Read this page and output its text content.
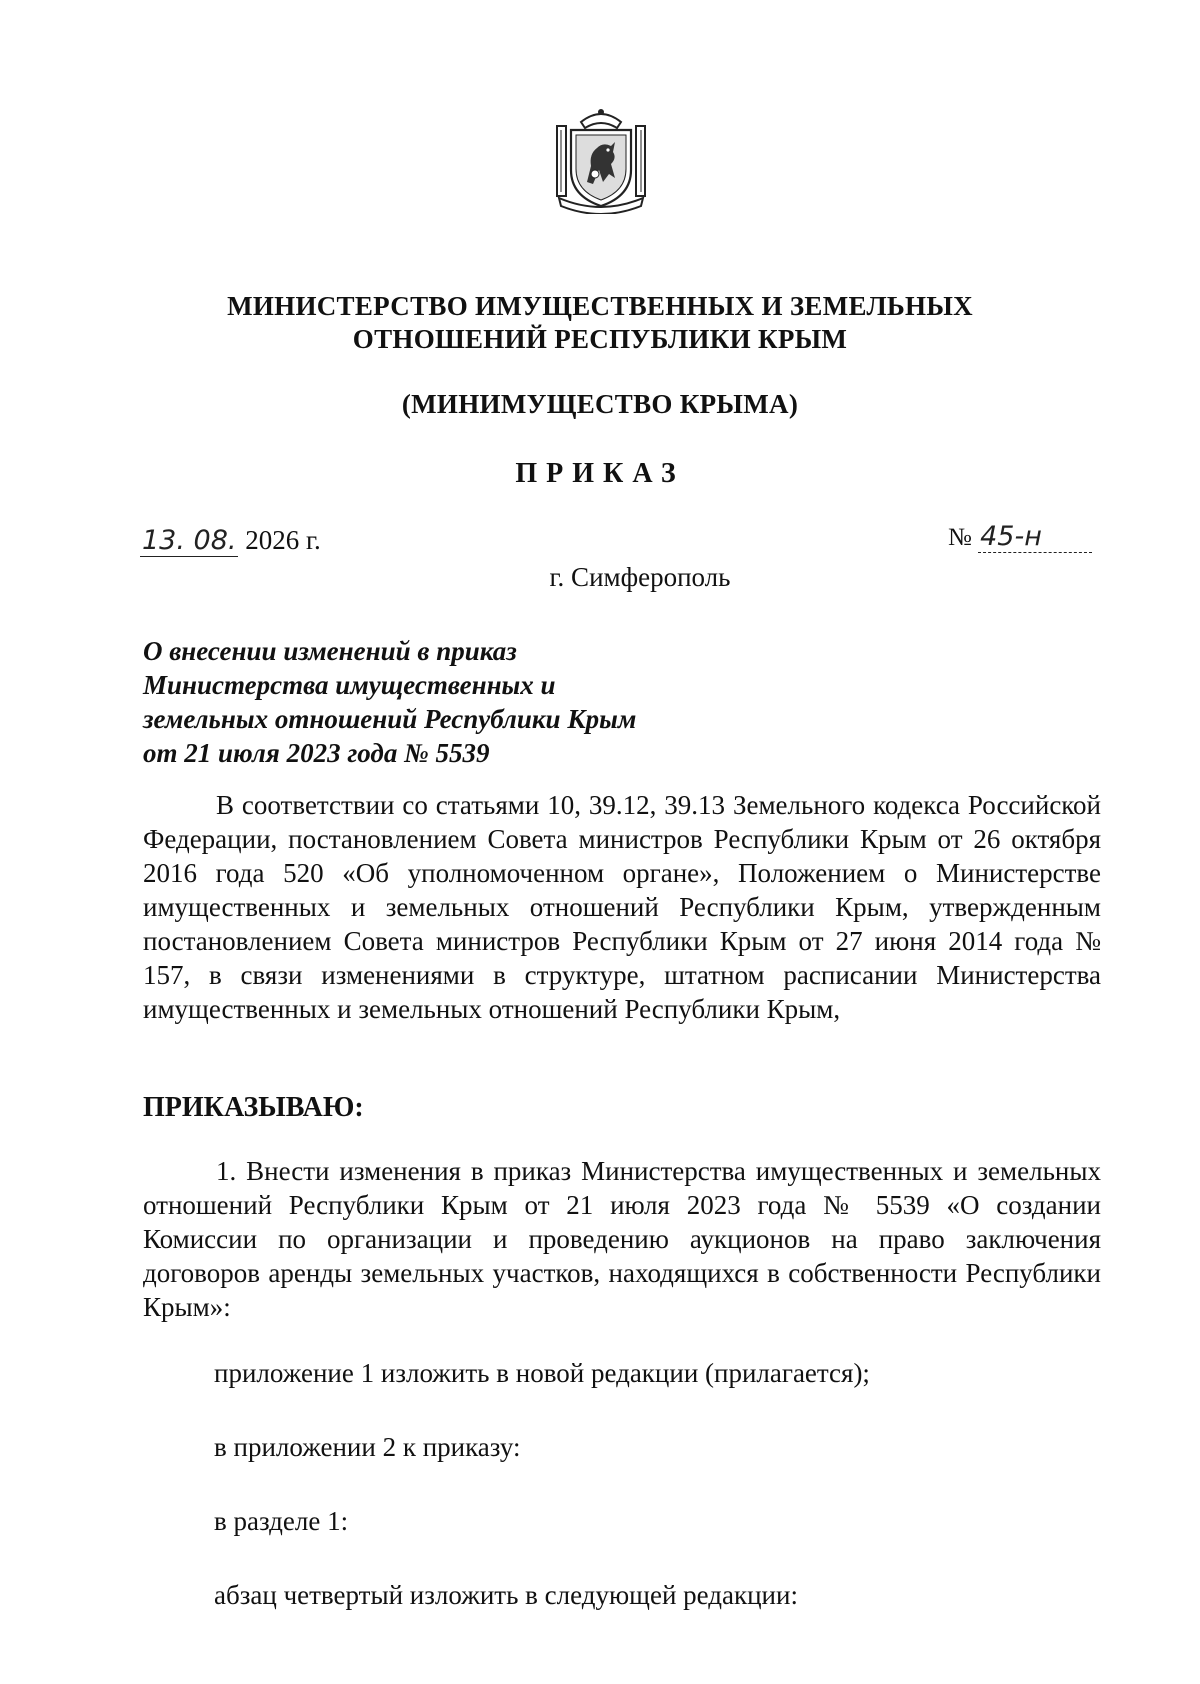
МИНИСТЕРСТВО ИМУЩЕСТВЕННЫХ И ЗЕМЕЛЬНЫХ
ОТНОШЕНИЙ РЕСПУБЛИКИ КРЫМ
(МИНИМУЩЕСТВО КРЫМА)
ПРИКАЗ
13. 08. 2026 г.	№ 45-н
г. Симферополь
О внесении изменений в приказ
Министерства имущественных и
земельных отношений Республики Крым
от 21 июля 2023 года № 5539
В соответствии со статьями 10, 39.12, 39.13 Земельного кодекса Российской Федерации, постановлением Совета министров Республики Крым от 26 октября 2016 года 520 «Об уполномоченном органе», Положением о Министерстве имущественных и земельных отношений Республики Крым, утвержденным постановлением Совета министров Республики Крым от 27 июня 2014 года № 157, в связи изменениями в структуре, штатном расписании Министерства имущественных и земельных отношений Республики Крым,
ПРИКАЗЫВАЮ:
1. Внести изменения в приказ Министерства имущественных и земельных отношений Республики Крым от 21 июля 2023 года № 5539 «О создании Комиссии по организации и проведению аукционов на право заключения договоров аренды земельных участков, находящихся в собственности Республики Крым»:
приложение 1 изложить в новой редакции (прилагается);
в приложении 2 к приказу:
в разделе 1:
абзац четвертый изложить в следующей редакции:
